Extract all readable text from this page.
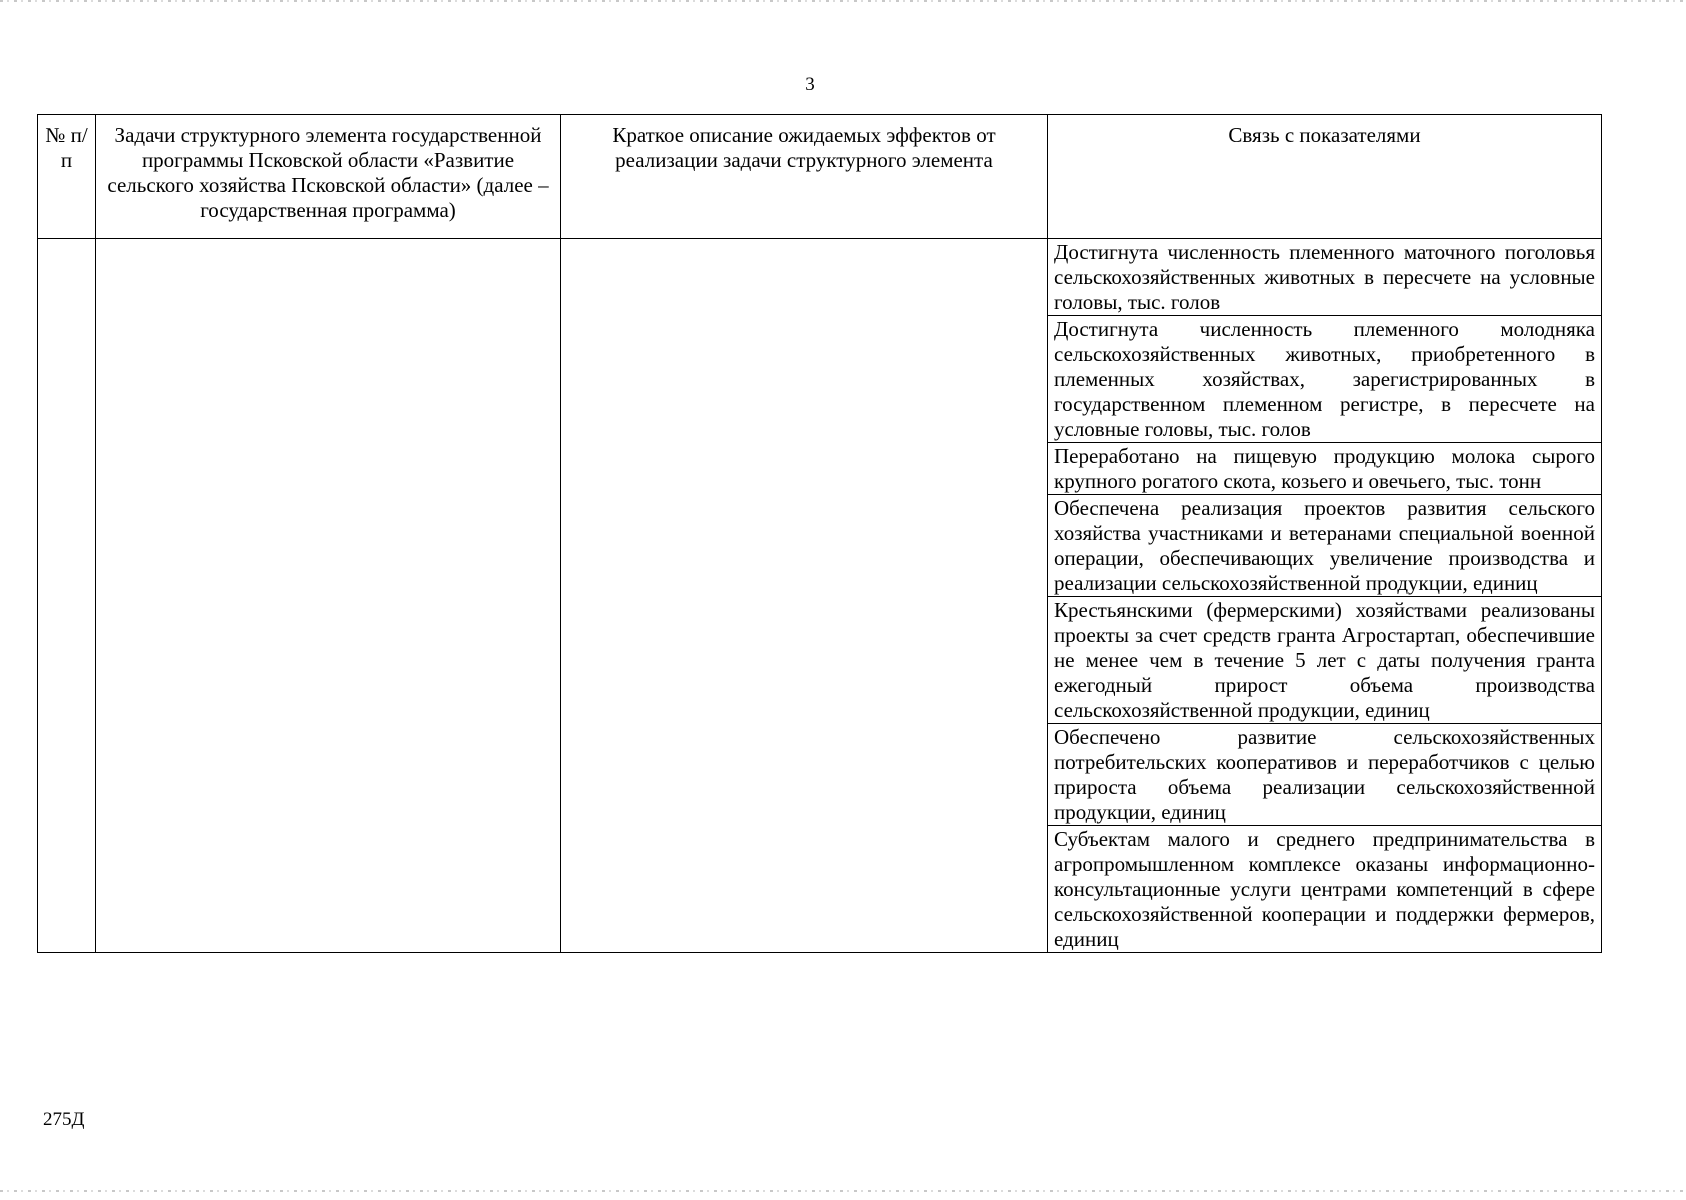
3
№ п/п	Задачи структурного элемента государственной программы Псковской области «Развитие сельского хозяйства Псковской области» (далее – государственная программа)	Краткое описание ожидаемых эффектов от реализации задачи структурного элемента	Связь с показателями
			Достигнута численность племенного маточного поголовья сельскохозяйственных животных в пересчете на условные головы, тыс. голов
			Достигнута численность племенного молодняка сельскохозяйственных животных, приобретенного в племенных хозяйствах, зарегистрированных в государственном племенном регистре, в пересчете на условные головы, тыс. голов
			Переработано на пищевую продукцию молока сырого крупного рогатого скота, козьего и овечьего, тыс. тонн
			Обеспечена реализация проектов развития сельского хозяйства участниками и ветеранами специальной военной операции, обеспечивающих увеличение производства и реализации сельскохозяйственной продукции, единиц
			Крестьянскими (фермерскими) хозяйствами реализованы проекты за счет средств гранта Агростартап, обеспечившие не менее чем в течение 5 лет с даты получения гранта ежегодный прирост объема производства сельскохозяйственной продукции, единиц
			Обеспечено развитие сельскохозяйственных потребительских кооперативов и переработчиков с целью прироста объема реализации сельскохозяйственной продукции, единиц
			Субъектам малого и среднего предпринимательства в агропромышленном комплексе оказаны информационно-консультационные услуги центрами компетенций в сфере сельскохозяйственной кооперации и поддержки фермеров, единиц
275Д
